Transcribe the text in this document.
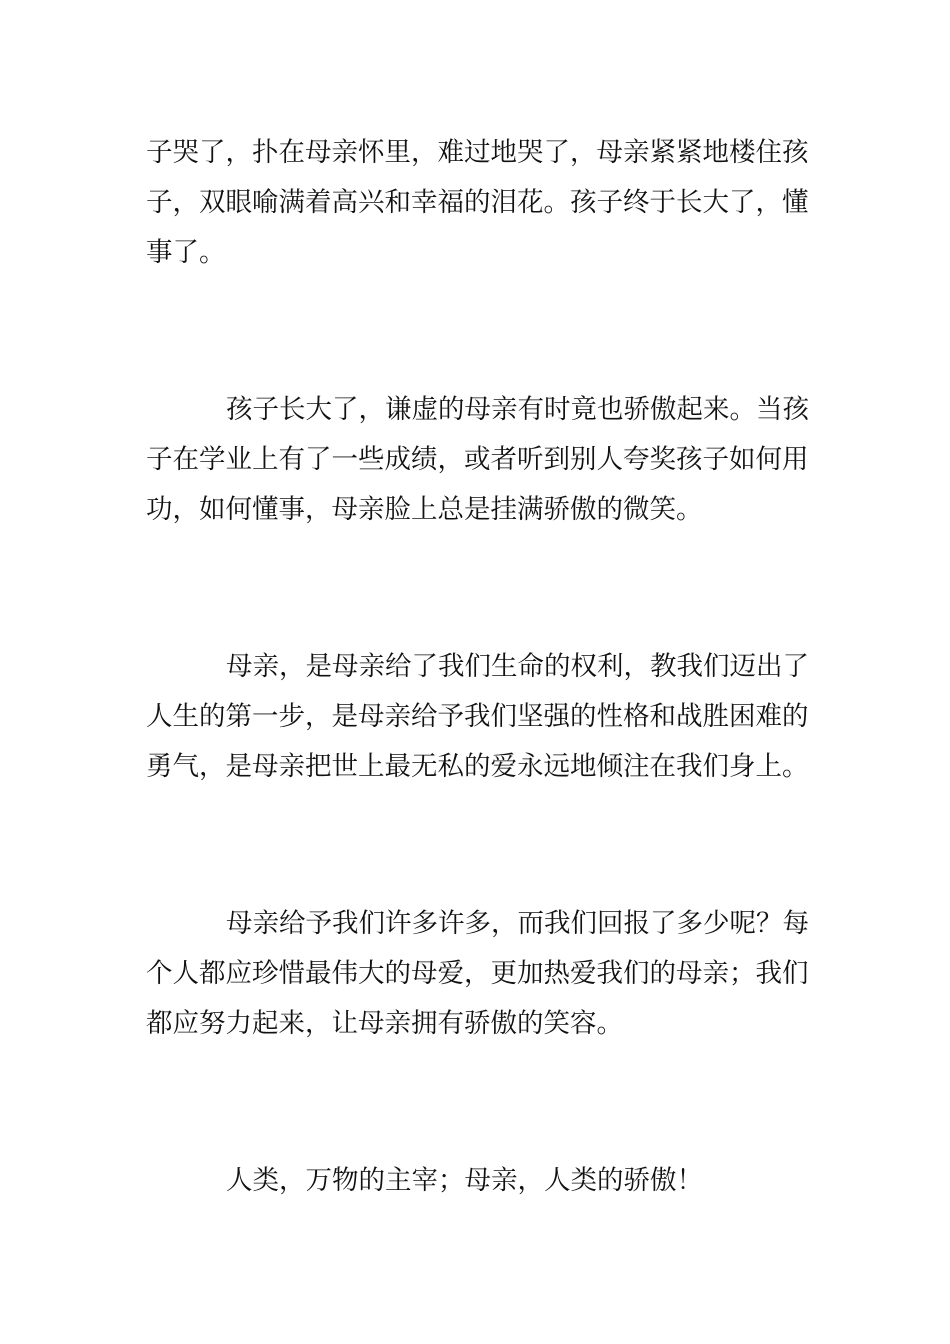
子哭了，扑在母亲怀里，难过地哭了，母亲紧紧地楼住孩
子，双眼喻满着高兴和幸福的泪花。孩子终于长大了，懂
事了。
孩子长大了，谦虚的母亲有时竟也骄傲起来。当孩
子在学业上有了一些成绩，或者听到别人夸奖孩子如何用
功，如何懂事，母亲脸上总是挂满骄傲的微笑。
母亲，是母亲给了我们生命的权利，教我们迈出了
人生的第一步，是母亲给予我们坚强的性格和战胜困难的
勇气，是母亲把世上最无私的爱永远地倾注在我们身上。
母亲给予我们许多许多，而我们回报了多少呢？每
个人都应珍惜最伟大的母爱，更加热爱我们的母亲；我们
都应努力起来，让母亲拥有骄傲的笑容。
人类，万物的主宰；母亲，人类的骄傲！
